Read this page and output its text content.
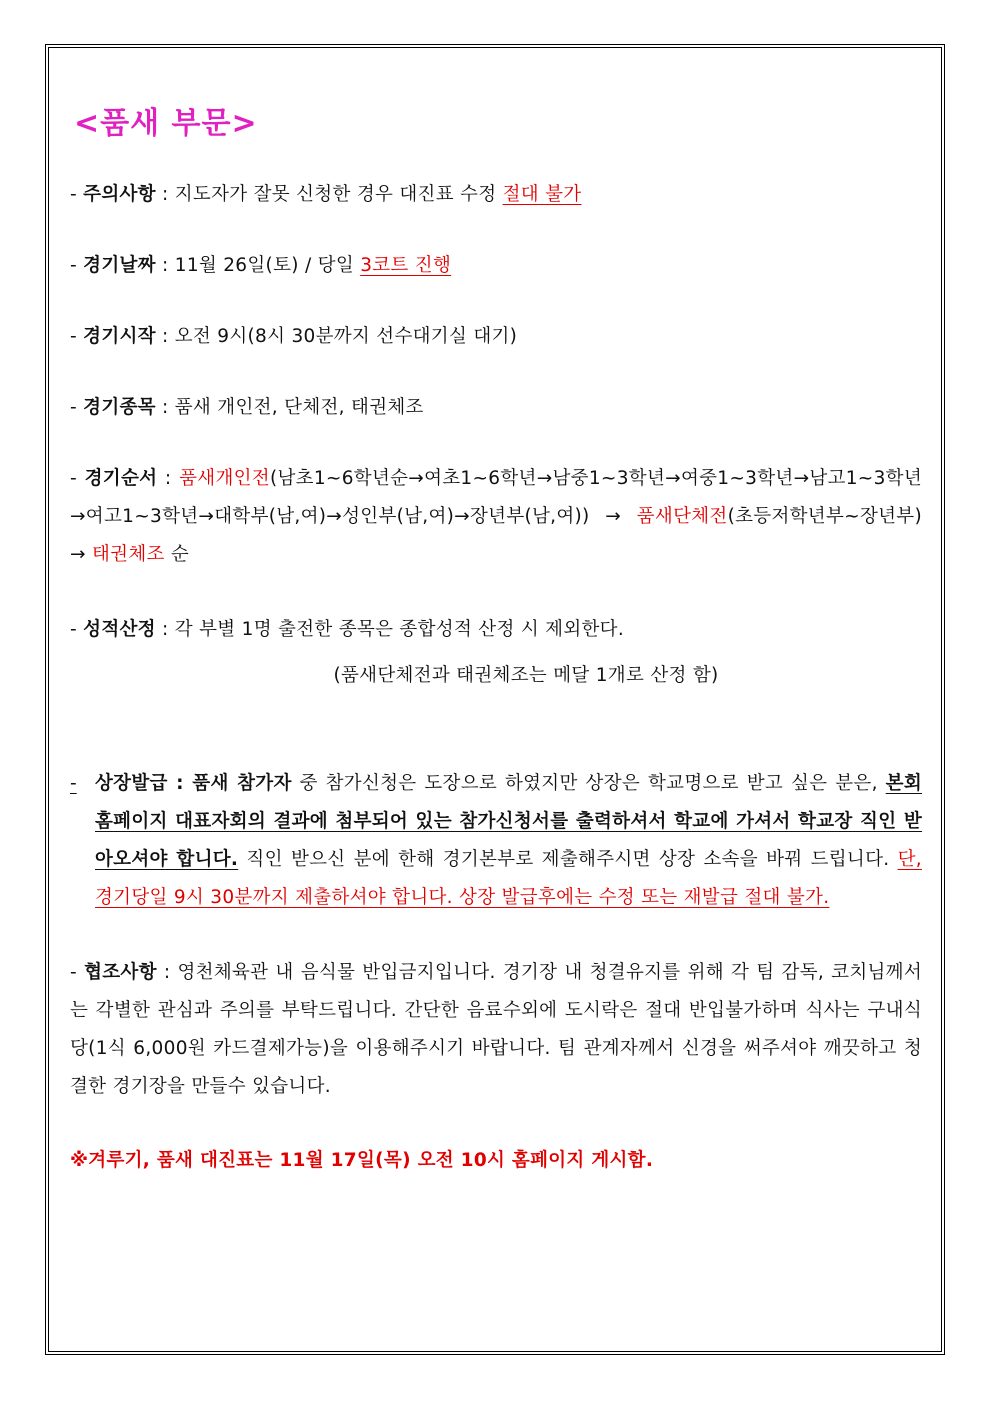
<품새 부문>

- 주의사항 : 지도자가 잘못 신청한 경우 대진표 수정 절대 불가

- 경기날짜 : 11월 26일(토) / 당일 3코트 진행

- 경기시작 : 오전 9시(8시 30분까지 선수대기실 대기)

- 경기종목 : 품새 개인전, 단체전, 태권체조

- 경기순서 : 품새개인전(남초1~6학년순→여초1~6학년→남중1~3학년→여중1~3학년→남고1~3학년→여고1~3학년→대학부(남,여)→성인부(남,여)→장년부(남,여)) → 품새단체전(초등저학년부~장년부) → 태권체조 순

- 성적산정 : 각 부별 1명 출전한 종목은 종합성적 산정 시 제외한다.

(품새단체전과 태권체조는 메달 1개로 산정 함)

- 상장발급 : 품새 참가자 중 참가신청은 도장으로 하였지만 상장은 학교명으로 받고 싶은 분은, 본회 홈페이지 대표자회의 결과에 첨부되어 있는 참가신청서를 출력하셔서 학교에 가셔서 학교장 직인 받아오셔야 합니다. 직인 받으신 분에 한해 경기본부로 제출해주시면 상장 소속을 바꿔 드립니다. 단, 경기당일 9시 30분까지 제출하셔야 합니다. 상장 발급후에는 수정 또는 재발급 절대 불가.

- 협조사항 : 영천체육관 내 음식물 반입금지입니다. 경기장 내 청결유지를 위해 각 팀 감독, 코치님께서는 각별한 관심과 주의를 부탁드립니다. 간단한 음료수외에 도시락은 절대 반입불가하며 식사는 구내식당(1식 6,000원 카드결제가능)을 이용해주시기 바랍니다. 팀 관계자께서 신경을 써주셔야 깨끗하고 청결한 경기장을 만들수 있습니다.

※겨루기, 품새 대진표는 11월 17일(목) 오전 10시 홈페이지 게시함.
